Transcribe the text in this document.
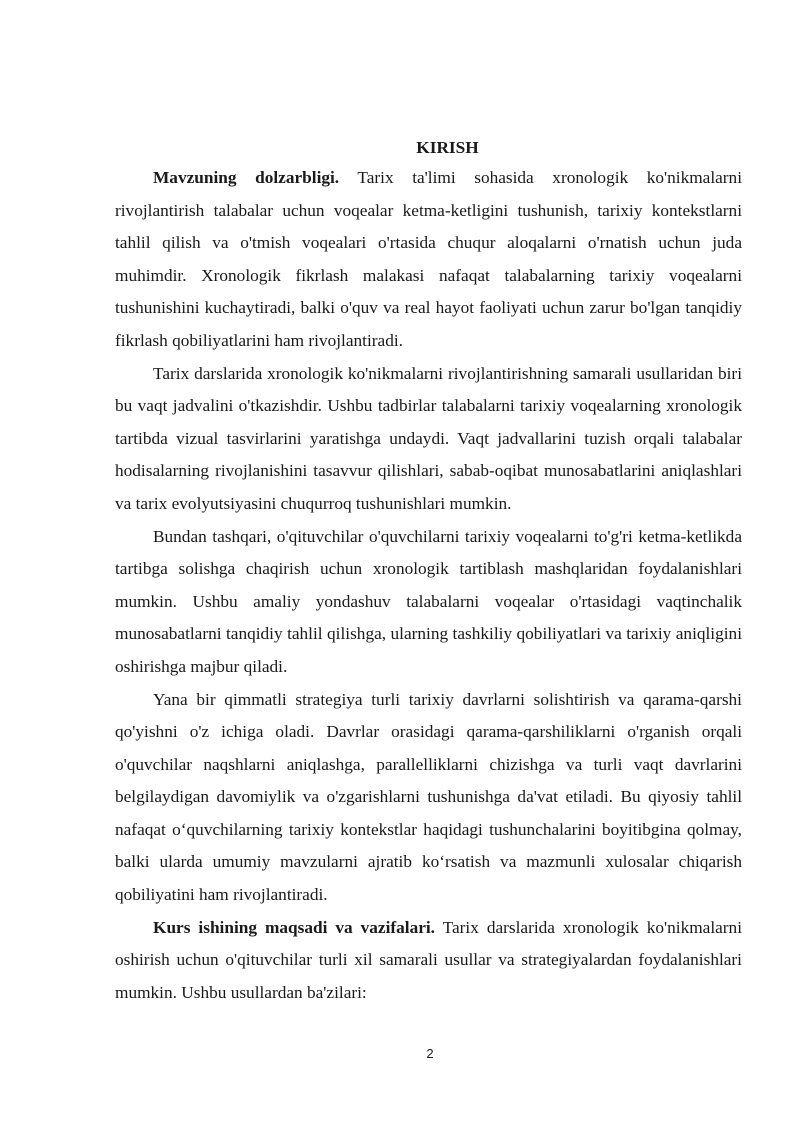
KIRISH

Mavzuning dolzarbligi. Tarix ta'limi sohasida xronologik ko'nikmalarni rivojlantirish talabalar uchun voqealar ketma-ketligini tushunish, tarixiy kontekstlarni tahlil qilish va o'tmish voqealari o'rtasida chuqur aloqalarni o'rnatish uchun juda muhimdir. Xronologik fikrlash malakasi nafaqat talabalarning tarixiy voqealarni tushunishini kuchaytiradi, balki o'quv va real hayot faoliyati uchun zarur bo'lgan tanqidiy fikrlash qobiliyatlarini ham rivojlantiradi.

Tarix darslarida xronologik ko'nikmalarni rivojlantirishning samarali usullaridan biri bu vaqt jadvalini o'tkazishdir. Ushbu tadbirlar talabalarni tarixiy voqealarning xronologik tartibda vizual tasvirlarini yaratishga undaydi. Vaqt jadvallarini tuzish orqali talabalar hodisalarning rivojlanishini tasavvur qilishlari, sabab-oqibat munosabatlarini aniqlashlari va tarix evolyutsiyasini chuqurroq tushunishlari mumkin.

Bundan tashqari, o'qituvchilar o'quvchilarni tarixiy voqealarni to'g'ri ketma-ketlikda tartibga solishga chaqirish uchun xronologik tartiblash mashqlaridan foydalanishlari mumkin. Ushbu amaliy yondashuv talabalarni voqealar o'rtasidagi vaqtinchalik munosabatlarni tanqidiy tahlil qilishga, ularning tashkiliy qobiliyatlari va tarixiy aniqligini oshirishga majbur qiladi.

Yana bir qimmatli strategiya turli tarixiy davrlarni solishtirish va qarama-qarshi qo'yishni o'z ichiga oladi. Davrlar orasidagi qarama-qarshiliklarni o'rganish orqali o'quvchilar naqshlarni aniqlashga, parallelliklarni chizishga va turli vaqt davrlarini belgilaydigan davomiylik va o'zgarishlarni tushunishga da'vat etiladi. Bu qiyosiy tahlil nafaqat o‘quvchilarning tarixiy kontekstlar haqidagi tushunchalarini boyitibgina qolmay, balki ularda umumiy mavzularni ajratib ko‘rsatish va mazmunli xulosalar chiqarish qobiliyatini ham rivojlantiradi.

Kurs ishining maqsadi va vazifalari. Tarix darslarida xronologik ko'nikmalarni oshirish uchun o'qituvchilar turli xil samarali usullar va strategiyalardan foydalanishlari mumkin. Ushbu usullardan ba'zilari:

2
